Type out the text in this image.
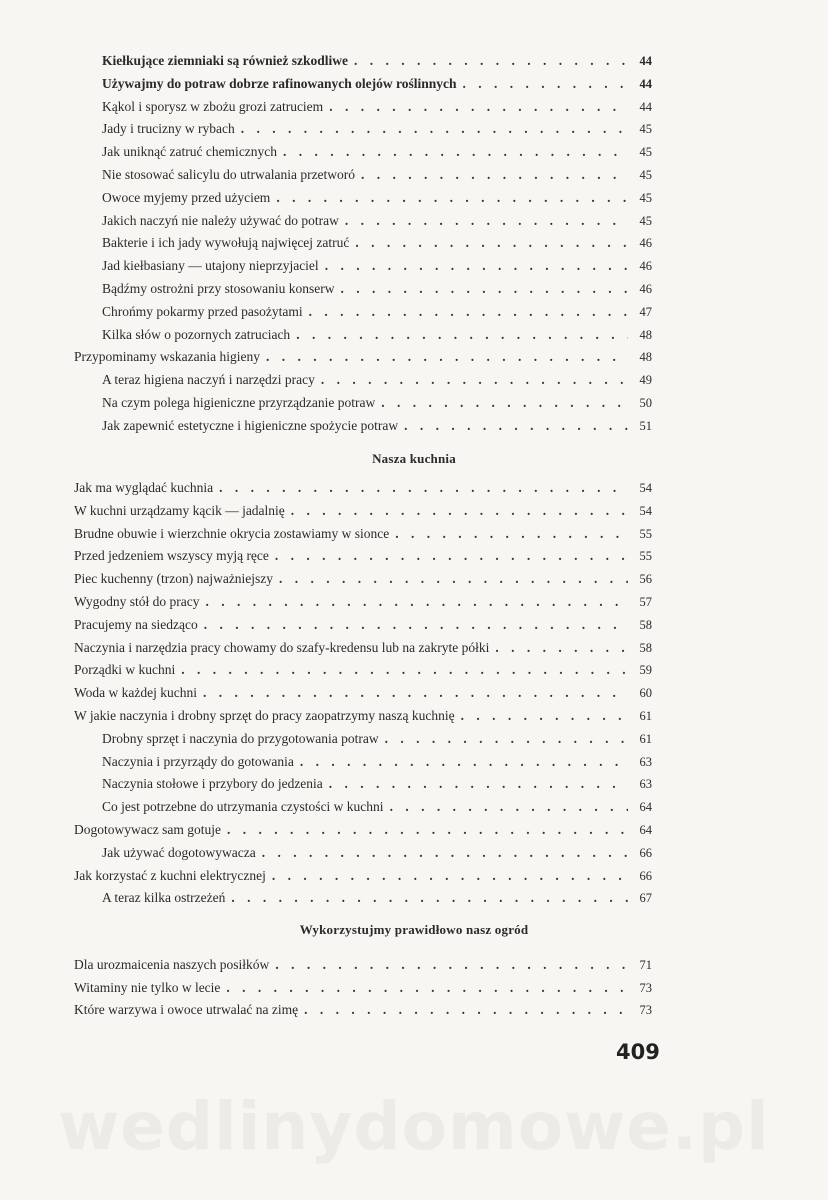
Kiełkujące ziemniaki są również szkodliwe . . .	44
Używajmy do potraw dobrze rafinowanych olejów roślinnych . . .	44
Kąkol i sporysz w zbożu grozi zatruciem . . .	44
Jady i trucizny w rybach . . .	45
Jak uniknąć zatruć chemicznych . . .	45
Nie stosować salicylu do utrwalania przetworó . . .	45
Owoce myjemy przed użyciem . . .	45
Jakich naczyń nie należy używać do potraw . . .	45
Bakterie i ich jady wywołują najwięcej zatruć . . .	46
Jad kiełbasiany — utajony nieprzyjaciel . . .	46
Bądźmy ostrożni przy stosowaniu konserw . . .	46
Chrońmy pokarmy przed pasożytami . . .	47
Kilka słów o pozornych zatruciach . . .	48
Przypominamy wskazania higieny . . .	48
A teraz higiena naczyń i narzędzi pracy . . .	49
Na czym polega higieniczne przyrządzanie potraw . . .	50
Jak zapewnić estetyczne i higieniczne spożycie potraw . . .	51
Nasza kuchnia
Jak ma wyglądać kuchnia . . .	54
W kuchni urządzamy kącik — jadalnię . . .	54
Brudne obuwie i wierzchnie okrycia zostawiamy w sionce . . .	55
Przed jedzeniem wszyscy myją ręce . . .	55
Piec kuchenny (trzon) najważniejszy . . .	56
Wygodny stół do pracy . . .	57
Pracujemy na siedząco . . .	58
Naczynia i narzędzia pracy chowamy do szafy-kredensu lub na zakryte półki . . .	58
Porządki w kuchni . . .	59
Woda w każdej kuchni . . .	60
W jakie naczynia i drobny sprzęt do pracy zaopatrzymy naszą kuchnię . . .	61
Drobny sprzęt i naczynia do przygotowania potraw . . .	61
Naczynia i przyrządy do gotowania . . .	63
Naczynia stołowe i przybory do jedzenia . . .	63
Co jest potrzebne do utrzymania czystości w kuchni . . .	64
Dogotowywacz sam gotuje . . .	64
Jak używać dogotowywacza . . .	66
Jak korzystać z kuchni elektrycznej . . .	66
A teraz kilka ostrzeżeń . . .	67
Wykorzystujmy prawidłowo nasz ogród
Dla urozmaicenia naszych posiłków . . .	71
Witaminy nie tylko w lecie . . .	73
Które warzywa i owoce utrwalać na zimę . . .	73
409
wedlinydomowe.pl
